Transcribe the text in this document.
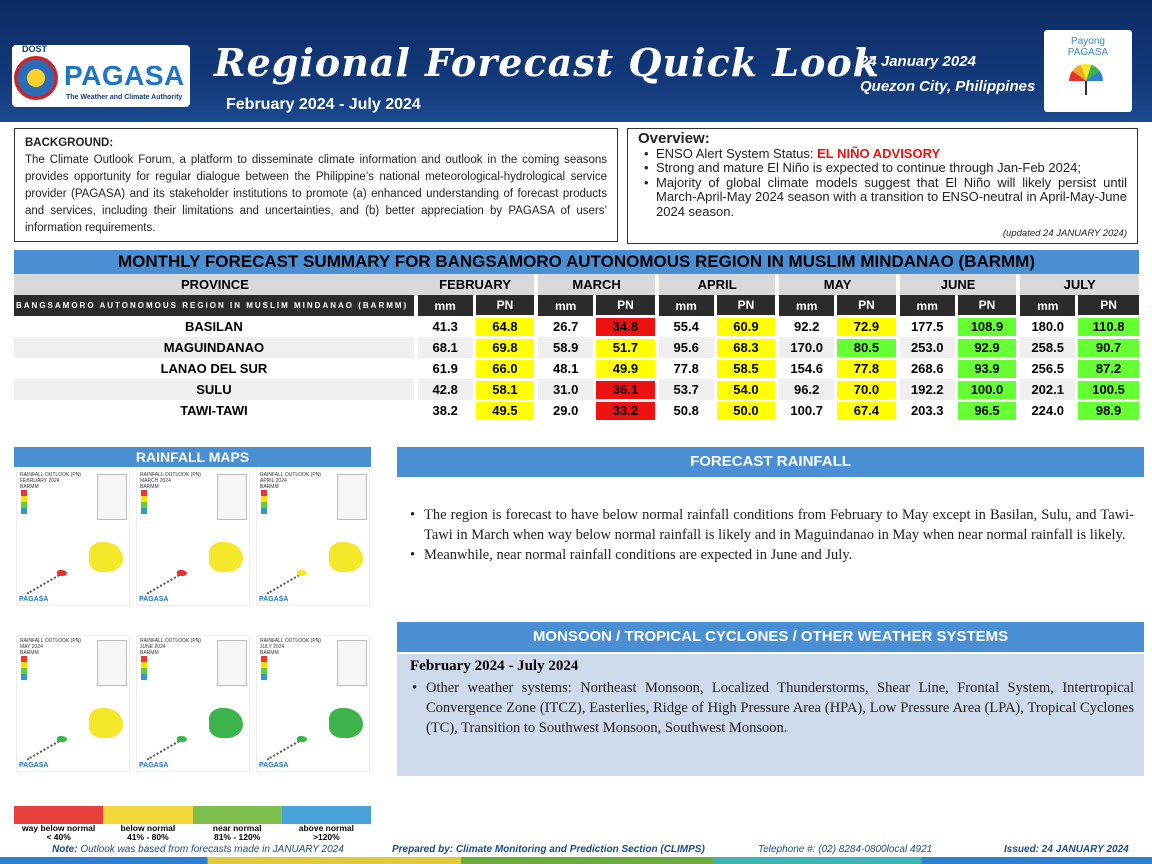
DOST
PAGASA
The Weather and Climate Authority
Regional Forecast Quick Look
February 2024 - July 2024
24 January 2024
Quezon City, Philippines
Payong
PAGASA
BACKGROUND:
The Climate Outlook Forum, a platform to disseminate climate information and outlook in the coming seasons provides opportunity for regular dialogue between the Philippine’s national meteorological-hydrological service provider (PAGASA) and its stakeholder institutions to promote (a) enhanced understanding of forecast products and services, including their limitations and uncertainties, and (b) better appreciation by PAGASA of users’ information requirements.
Overview:
• ENSO Alert System Status: EL NIÑO ADVISORY
• Strong and mature El Niño is expected to continue through Jan-Feb 2024;
• Majority of global climate models suggest that El Niño will likely persist until March-April-May 2024 season with a transition to ENSO-neutral in April-May-June 2024 season.
(updated 24 JANUARY 2024)
MONTHLY FORECAST SUMMARY FOR BANGSAMORO AUTONOMOUS REGION IN MUSLIM MINDANAO (BARMM)
PROVINCE	FEBRUARY		MARCH		APRIL		MAY		JUNE		JULY	
BANGSAMORO AUTONOMOUS REGION IN MUSLIM MINDANAO (BARMM)	mm	PN	mm	PN	mm	PN	mm	PN	mm	PN	mm	PN
BASILAN	41.3	64.8	26.7	34.8	55.4	60.9	92.2	72.9	177.5	108.9	180.0	110.8
MAGUINDANAO	68.1	69.8	58.9	51.7	95.6	68.3	170.0	80.5	253.0	92.9	258.5	90.7
LANAO DEL SUR	61.9	66.0	48.1	49.9	77.8	58.5	154.6	77.8	268.6	93.9	256.5	87.2
SULU	42.8	58.1	31.0	36.1	53.7	54.0	96.2	70.0	192.2	100.0	202.1	100.5
TAWI-TAWI	38.2	49.5	29.0	33.2	50.8	50.0	100.7	67.4	203.3	96.5	224.0	98.9
RAINFALL MAPS
RAINFALL OUTLOOK (PN)
FEBRUARY 2024
BARMM
PAGASA
RAINFALL OUTLOOK (PN)
MARCH 2024
BARMM
PAGASA
RAINFALL OUTLOOK (PN)
APRIL 2024
BARMM
PAGASA
RAINFALL OUTLOOK (PN)
MAY 2024
BARMM
PAGASA
RAINFALL OUTLOOK (PN)
JUNE 2024
BARMM
PAGASA
RAINFALL OUTLOOK (PN)
JULY 2024
BARMM
PAGASA
way below normal
< 40%
below normal
41% - 80%
near normal
81% - 120%
above normal
>120%
FORECAST RAINFALL
• The region is forecast to have below normal rainfall conditions from February to May except in Basilan, Sulu, and Tawi-Tawi in March when way below normal rainfall is likely and in Maguindanao in May when near normal rainfall is likely.
• Meanwhile, near normal rainfall conditions are expected in June and July.
MONSOON / TROPICAL CYCLONES / OTHER WEATHER SYSTEMS
February 2024 - July 2024
• Other weather systems: Northeast Monsoon, Localized Thunderstorms, Shear Line, Frontal System, Intertropical Convergence Zone (ITCZ), Easterlies, Ridge of High Pressure Area (HPA), Low Pressure Area (LPA), Tropical Cyclones (TC), Transition to Southwest Monsoon, Southwest Monsoon.
Note: Outlook was based from forecasts made in JANUARY 2024	Prepared by: Climate Monitoring and Prediction Section (CLIMPS)	Telephone #: (02) 8284-0800local 4921	Issued: 24 JANUARY 2024
